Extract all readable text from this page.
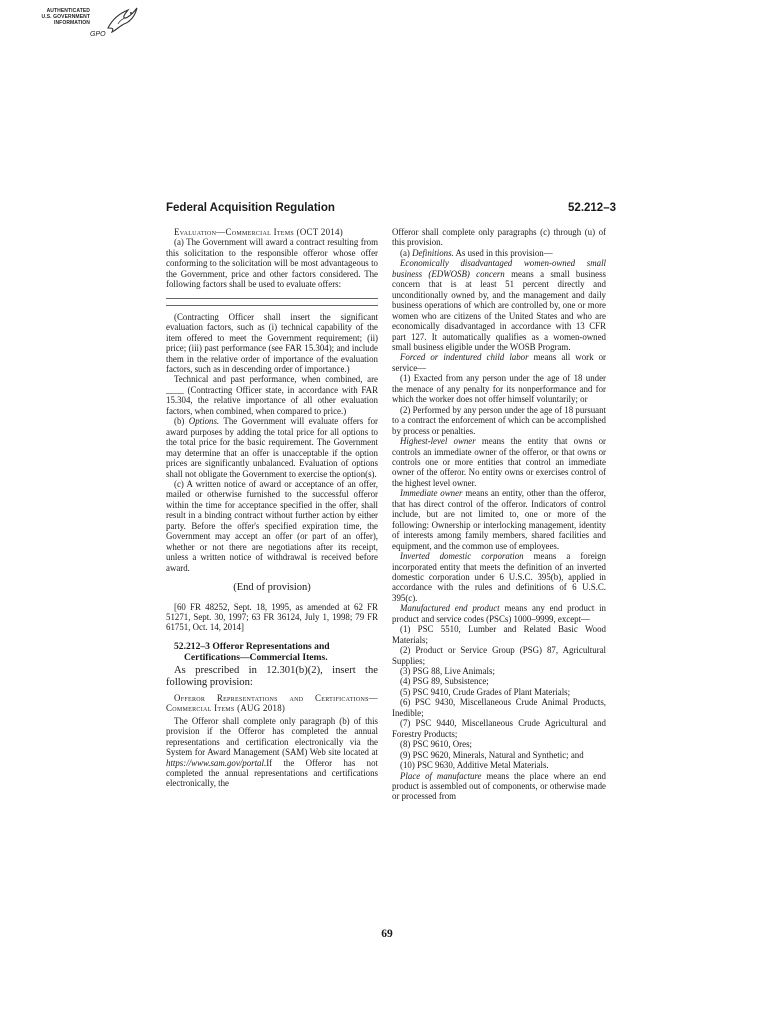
AUTHENTICATED
U.S. GOVERNMENT
INFORMATION
GPO
Federal Acquisition Regulation	52.212–3

Evaluation—Commercial Items (OCT 2014)

(a) The Government will award a contract resulting from this solicitation to the responsible offeror whose offer conforming to the solicitation will be most advantageous to the Government, price and other factors considered. The following factors shall be used to evaluate offers:

(Contracting Officer shall insert the significant evaluation factors, such as (i) technical capability of the item offered to meet the Government requirement; (ii) price; (iii) past performance (see FAR 15.304); and include them in the relative order of importance of the evaluation factors, such as in descending order of importance.)

Technical and past performance, when combined, are ____ (Contracting Officer state, in accordance with FAR 15.304, the relative importance of all other evaluation factors, when combined, when compared to price.)

(b) Options. The Government will evaluate offers for award purposes by adding the total price for all options to the total price for the basic requirement. The Government may determine that an offer is unacceptable if the option prices are significantly unbalanced. Evaluation of options shall not obligate the Government to exercise the option(s).

(c) A written notice of award or acceptance of an offer, mailed or otherwise furnished to the successful offeror within the time for acceptance specified in the offer, shall result in a binding contract without further action by either party. Before the offer's specified expiration time, the Government may accept an offer (or part of an offer), whether or not there are negotiations after its receipt, unless a written notice of withdrawal is received before award.

(End of provision)

[60 FR 48252, Sept. 18, 1995, as amended at 62 FR 51271, Sept. 30, 1997; 63 FR 36124, July 1, 1998; 79 FR 61751, Oct. 14, 2014]

52.212–3 Offeror Representations and
Certifications—Commercial Items.

As prescribed in 12.301(b)(2), insert the following provision:

Offeror Representations and Certifications—Commercial Items (AUG 2018)

The Offeror shall complete only paragraph (b) of this provision if the Offeror has completed the annual representations and certification electronically via the System for Award Management (SAM) Web site located at https://www.sam.gov/portal.If the Offeror has not completed the annual representations and certifications electronically, the

Offeror shall complete only paragraphs (c) through (u) of this provision.

(a) Definitions. As used in this provision—

Economically disadvantaged women-owned small business (EDWOSB) concern means a small business concern that is at least 51 percent directly and unconditionally owned by, and the management and daily business operations of which are controlled by, one or more women who are citizens of the United States and who are economically disadvantaged in accordance with 13 CFR part 127. It automatically qualifies as a women-owned small business eligible under the WOSB Program.

Forced or indentured child labor means all work or service—

(1) Exacted from any person under the age of 18 under the menace of any penalty for its nonperformance and for which the worker does not offer himself voluntarily; or

(2) Performed by any person under the age of 18 pursuant to a contract the enforcement of which can be accomplished by process or penalties.

Highest-level owner means the entity that owns or controls an immediate owner of the offeror, or that owns or controls one or more entities that control an immediate owner of the offeror. No entity owns or exercises control of the highest level owner.

Immediate owner means an entity, other than the offeror, that has direct control of the offeror. Indicators of control include, but are not limited to, one or more of the following: Ownership or interlocking management, identity of interests among family members, shared facilities and equipment, and the common use of employees.

Inverted domestic corporation means a foreign incorporated entity that meets the definition of an inverted domestic corporation under 6 U.S.C. 395(b), applied in accordance with the rules and definitions of 6 U.S.C. 395(c).

Manufactured end product means any end product in product and service codes (PSCs) 1000–9999, except—

(1) PSC 5510, Lumber and Related Basic Wood Materials;

(2) Product or Service Group (PSG) 87, Agricultural Supplies;

(3) PSG 88, Live Animals;

(4) PSG 89, Subsistence;

(5) PSC 9410, Crude Grades of Plant Materials;

(6) PSC 9430, Miscellaneous Crude Animal Products, Inedible;

(7) PSC 9440, Miscellaneous Crude Agricultural and Forestry Products;

(8) PSC 9610, Ores;

(9) PSC 9620, Minerals, Natural and Synthetic; and

(10) PSC 9630, Additive Metal Materials.

Place of manufacture means the place where an end product is assembled out of components, or otherwise made or processed from

69
